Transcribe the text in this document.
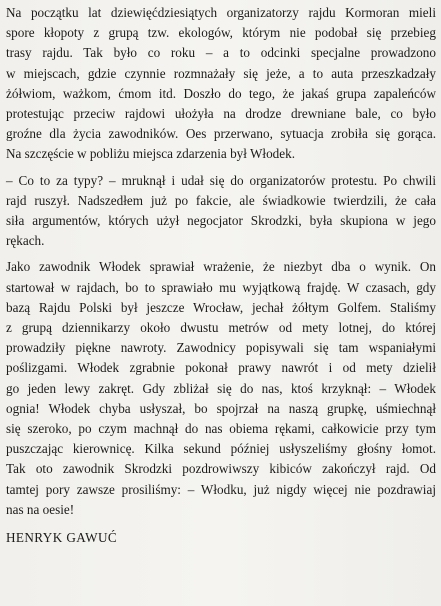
Na początku lat dziewięćdziesiątych organizatorzy rajdu Kormoran mieli
spore kłopoty z grupą tzw. ekologów, którym nie podobał się przebieg
trasy rajdu. Tak było co roku – a to odcinki specjalne prowadzono
w miejscach, gdzie czynnie rozmnażały się jeże, a to auta przeszkadzały
żółwiom, ważkom, ćmom itd. Doszło do tego, że jakaś grupa zapaleńców
protestując przeciw rajdowi ułożyła na drodze drewniane bale, co było
groźne dla życia zawodników. Oes przerwano, sytuacja zrobiła się gorąca.
Na szczęście w pobliżu miejsca zdarzenia był Włodek.

– Co to za typy? – mruknął i udał się do organizatorów protestu. Po chwili
rajd ruszył. Nadszedłem już po fakcie, ale świadkowie twierdzili, że cała
siła argumentów, których użył negocjator Skrodzki, była skupiona w jego
rękach.

Jako zawodnik Włodek sprawiał wrażenie, że niezbyt dba o wynik. On
startował w rajdach, bo to sprawiało mu wyjątkową frajdę. W czasach, gdy
bazą Rajdu Polski był jeszcze Wrocław, jechał żółtym Golfem. Staliśmy
z grupą dziennikarzy około dwustu metrów od mety lotnej, do której
prowadziły piękne nawroty. Zawodnicy popisywali się tam wspaniałymi
poślizgami. Włodek zgrabnie pokonał prawy nawrót i od mety dzielił
go jeden lewy zakręt. Gdy zbliżał się do nas, ktoś krzyknął: – Włodek
ognia! Włodek chyba usłyszał, bo spojrzał na naszą grupkę, uśmiechnął
się szeroko, po czym machnął do nas obiema rękami, całkowicie przy tym
puszczając kierownicę. Kilka sekund później usłyszeliśmy głośny łomot.
Tak oto zawodnik Skrodzki pozdrowiwszy kibiców zakończył rajd. Od
tamtej pory zawsze prosiliśmy: – Włodku, już nigdy więcej nie pozdrawiaj
nas na oesie!

HENRYK GAWUĆ
